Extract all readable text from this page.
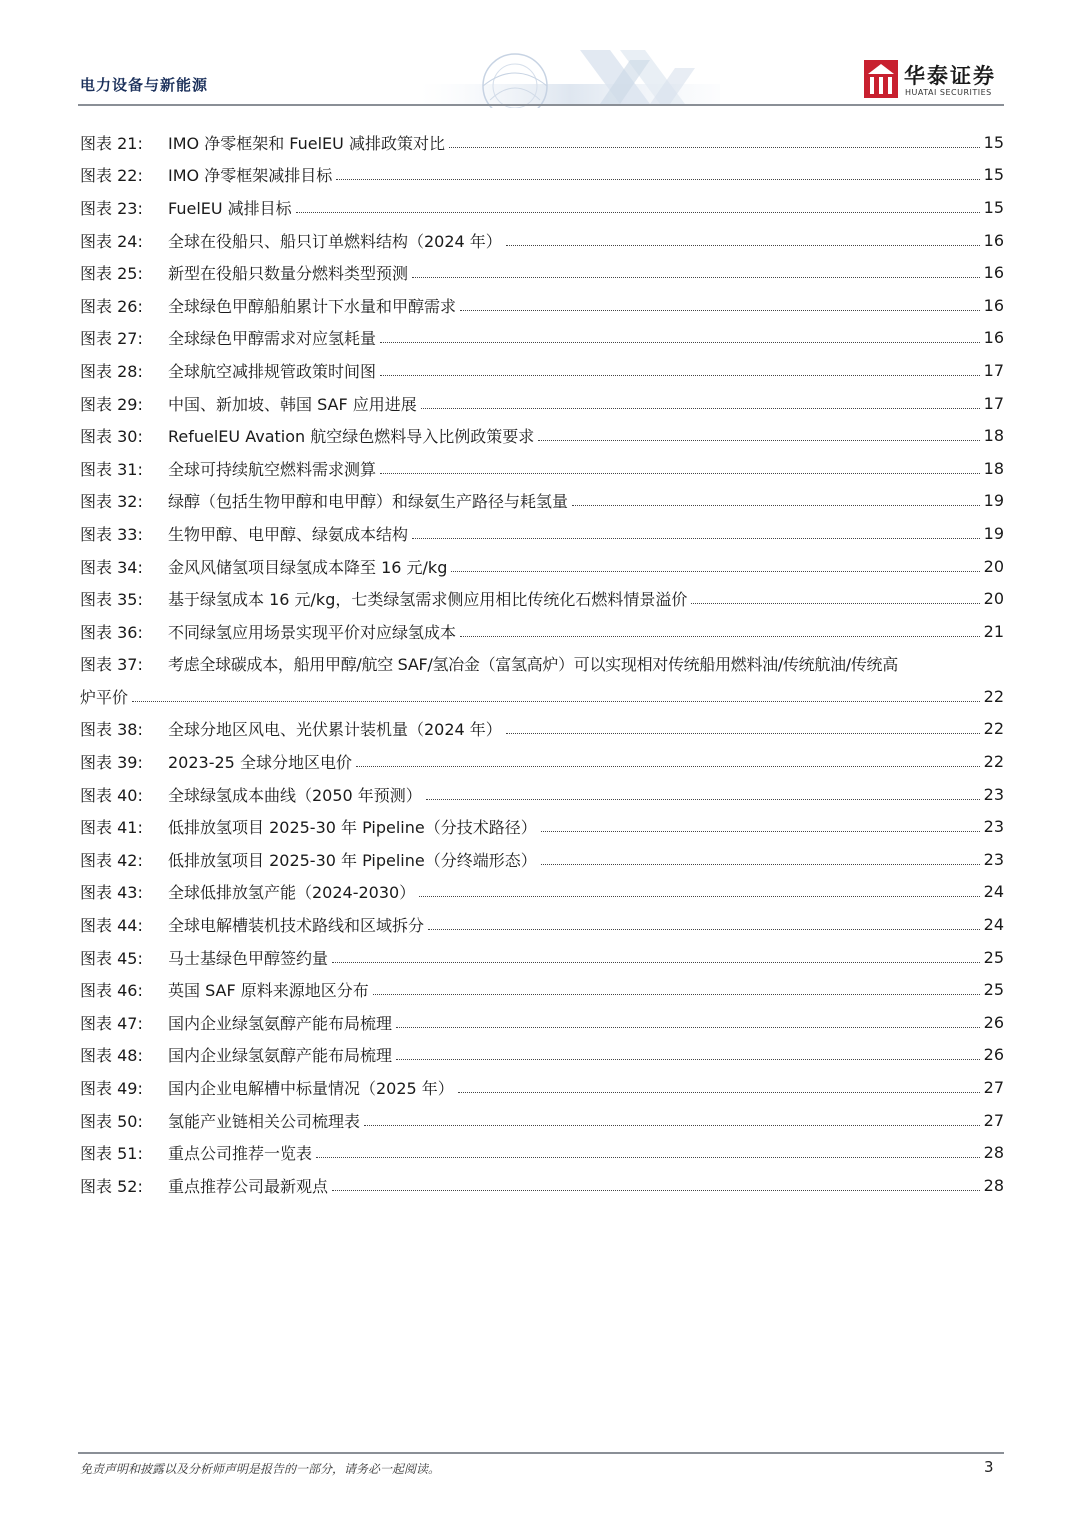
电力设备与新能源	华泰证券
HUATAI SECURITIES
图表 21:	IMO 净零框架和 FuelEU 减排政策对比	15
图表 22:	IMO 净零框架减排目标	15
图表 23:	FuelEU 减排目标	15
图表 24:	全球在役船只、船只订单燃料结构（2024 年）	16
图表 25:	新型在役船只数量分燃料类型预测	16
图表 26:	全球绿色甲醇船舶累计下水量和甲醇需求	16
图表 27:	全球绿色甲醇需求对应氢耗量	16
图表 28:	全球航空减排规管政策时间图	17
图表 29:	中国、新加坡、韩国 SAF 应用进展	17
图表 30:	RefuelEU Avation 航空绿色燃料导入比例政策要求	18
图表 31:	全球可持续航空燃料需求测算	18
图表 32:	绿醇（包括生物甲醇和电甲醇）和绿氨生产路径与耗氢量	19
图表 33:	生物甲醇、电甲醇、绿氨成本结构	19
图表 34:	金风风储氢项目绿氢成本降至 16 元/kg	20
图表 35:	基于绿氢成本 16 元/kg，七类绿氢需求侧应用相比传统化石燃料情景溢价	20
图表 36:	不同绿氢应用场景实现平价对应绿氢成本	21
图表 37:	考虑全球碳成本，船用甲醇/航空 SAF/氢冶金（富氢高炉）可以实现相对传统船用燃料油/传统航油/传统高
炉平价	22
图表 38:	全球分地区风电、光伏累计装机量（2024 年）	22
图表 39:	2023-25 全球分地区电价	22
图表 40:	全球绿氢成本曲线（2050 年预测）	23
图表 41:	低排放氢项目 2025-30 年 Pipeline（分技术路径）	23
图表 42:	低排放氢项目 2025-30 年 Pipeline（分终端形态）	23
图表 43:	全球低排放氢产能（2024-2030）	24
图表 44:	全球电解槽装机技术路线和区域拆分	24
图表 45:	马士基绿色甲醇签约量	25
图表 46:	英国 SAF 原料来源地区分布	25
图表 47:	国内企业绿氢氨醇产能布局梳理	26
图表 48:	国内企业绿氢氨醇产能布局梳理	26
图表 49:	国内企业电解槽中标量情况（2025 年）	27
图表 50:	氢能产业链相关公司梳理表	27
图表 51:	重点公司推荐一览表	28
图表 52:	重点推荐公司最新观点	28
免责声明和披露以及分析师声明是报告的一部分，请务必一起阅读。	3
